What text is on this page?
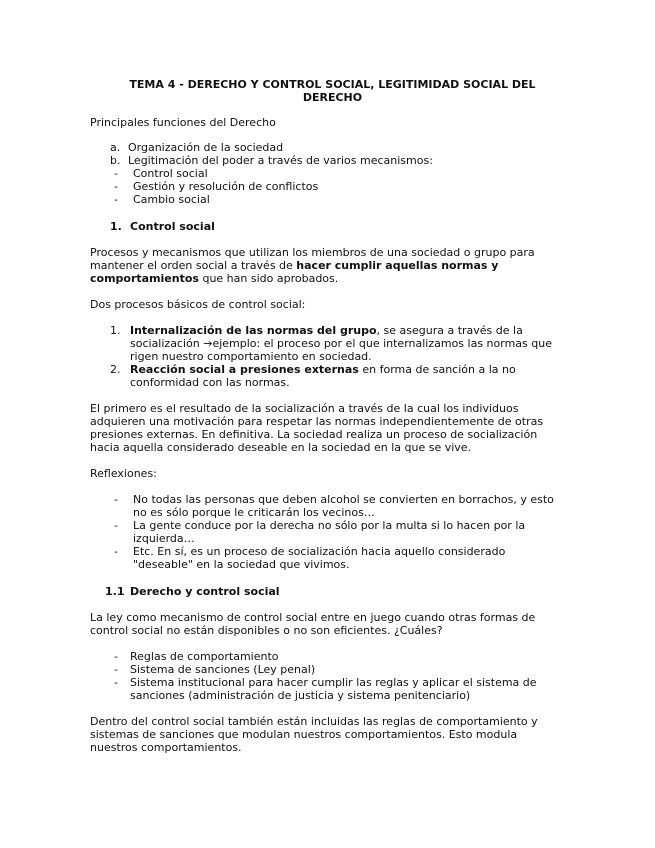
TEMA 4 - DERECHO Y CONTROL SOCIAL, LEGITIMIDAD SOCIAL DEL DERECHO
Principales funciones del Derecho
a. Organización de la sociedad
b. Legitimación del poder a través de varios mecanismos:
- Control social
- Gestión y resolución de conflictos
- Cambio social
1. Control social
Procesos y mecanismos que utilizan los miembros de una sociedad o grupo para mantener el orden social a través de hacer cumplir aquellas normas y comportamientos que han sido aprobados.
Dos procesos básicos de control social:
1. Internalización de las normas del grupo, se asegura a través de la socialización →ejemplo: el proceso por el que internalizamos las normas que rigen nuestro comportamiento en sociedad.
2. Reacción social a presiones externas en forma de sanción a la no conformidad con las normas.
El primero es el resultado de la socialización a través de la cual los individuos adquieren una motivación para respetar las normas independientemente de otras presiones externas. En definitiva. La sociedad realiza un proceso de socialización hacia aquella considerado deseable en la sociedad en la que se vive.
Reflexiones:
- No todas las personas que deben alcohol se convierten en borrachos, y esto no es sólo porque le criticarán los vecinos…
- La gente conduce por la derecha no sólo por la multa si lo hacen por la izquierda…
- Etc. En sí, es un proceso de socialización hacia aquello considerado "deseable" en la sociedad que vivimos.
1.1 Derecho y control social
La ley como mecanismo de control social entre en juego cuando otras formas de control social no están disponibles o no son eficientes. ¿Cuáles?
- Reglas de comportamiento
- Sistema de sanciones (Ley penal)
- Sistema institucional para hacer cumplir las reglas y aplicar el sistema de sanciones (administración de justicia y sistema penitenciario)
Dentro del control social también están incluidas las reglas de comportamiento y sistemas de sanciones que modulan nuestros comportamientos. Esto modula nuestros comportamientos.
